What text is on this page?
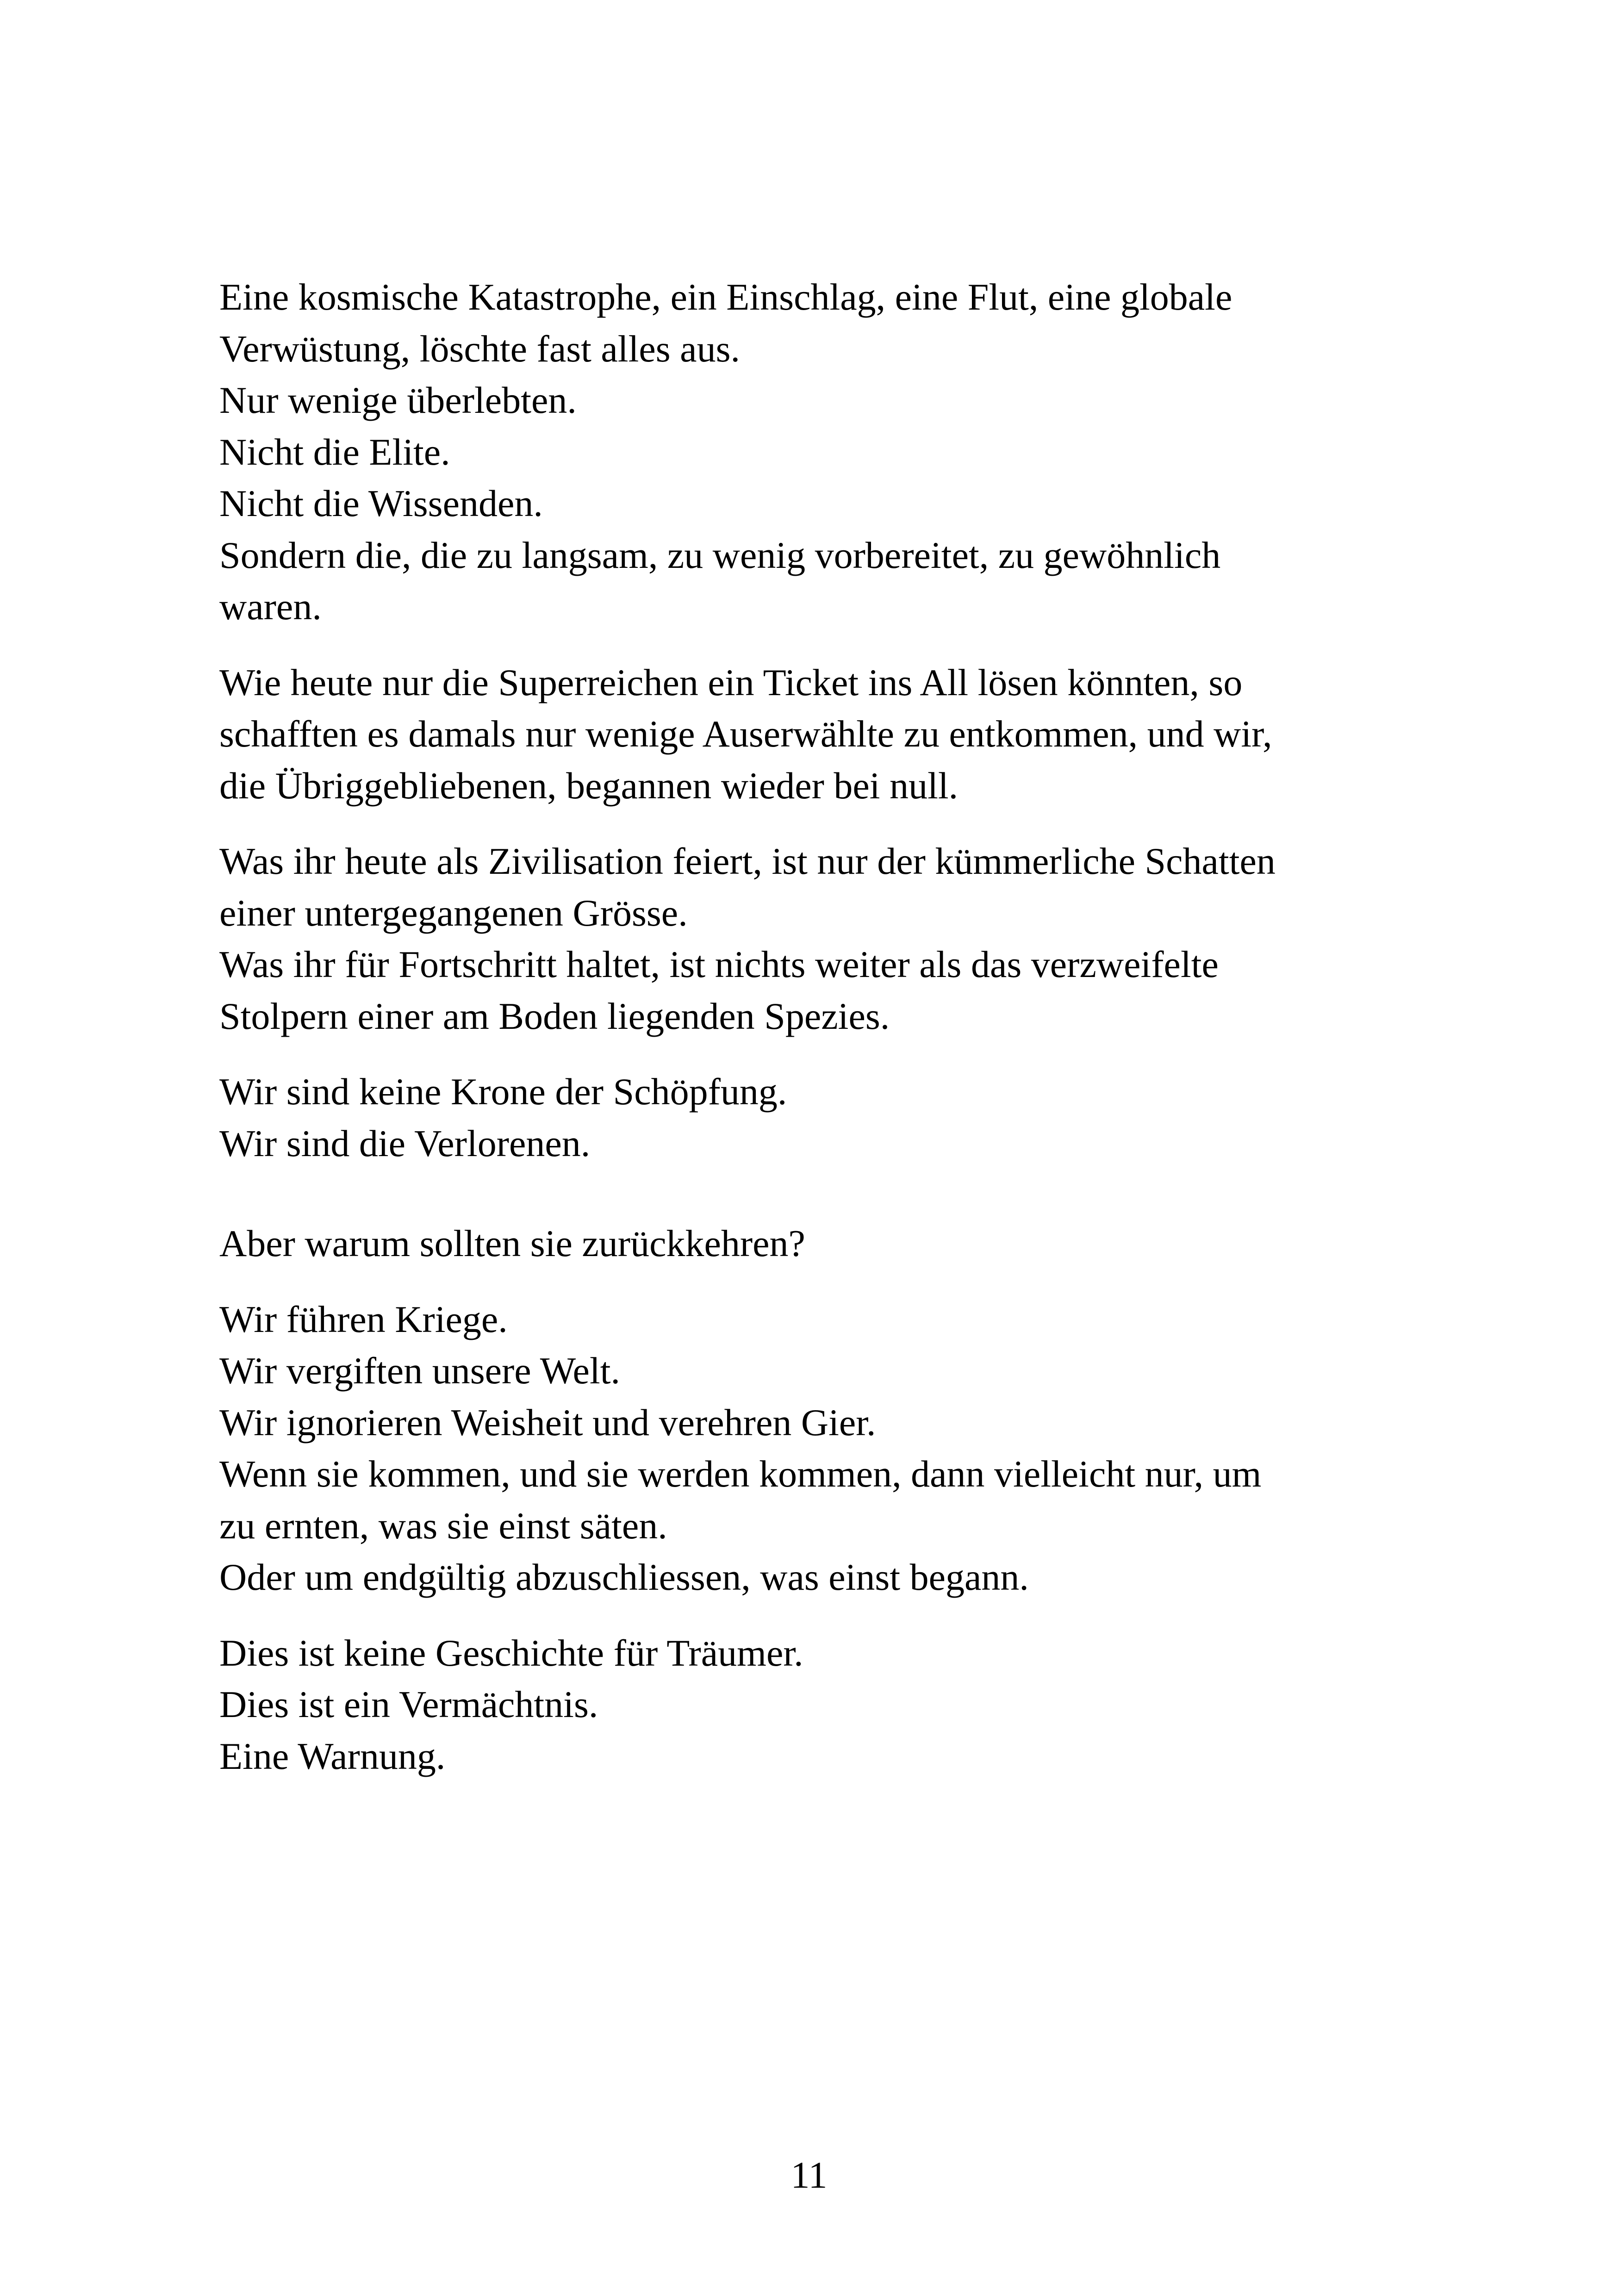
Eine kosmische Katastrophe, ein Einschlag, eine Flut, eine globale
Verwüstung, löschte fast alles aus.
Nur wenige überlebten.
Nicht die Elite.
Nicht die Wissenden.
Sondern die, die zu langsam, zu wenig vorbereitet, zu gewöhnlich
waren.
Wie heute nur die Superreichen ein Ticket ins All lösen könnten, so
schafften es damals nur wenige Auserwählte zu entkommen, und wir,
die Übriggebliebenen, begannen wieder bei null.
Was ihr heute als Zivilisation feiert, ist nur der kümmerliche Schatten
einer untergegangenen Grösse.
Was ihr für Fortschritt haltet, ist nichts weiter als das verzweifelte
Stolpern einer am Boden liegenden Spezies.
Wir sind keine Krone der Schöpfung.
Wir sind die Verlorenen.
Aber warum sollten sie zurückkehren?
Wir führen Kriege.
Wir vergiften unsere Welt.
Wir ignorieren Weisheit und verehren Gier.
Wenn sie kommen, und sie werden kommen, dann vielleicht nur, um
zu ernten, was sie einst säten.
Oder um endgültig abzuschliessen, was einst begann.
Dies ist keine Geschichte für Träumer.
Dies ist ein Vermächtnis.
Eine Warnung.
11
